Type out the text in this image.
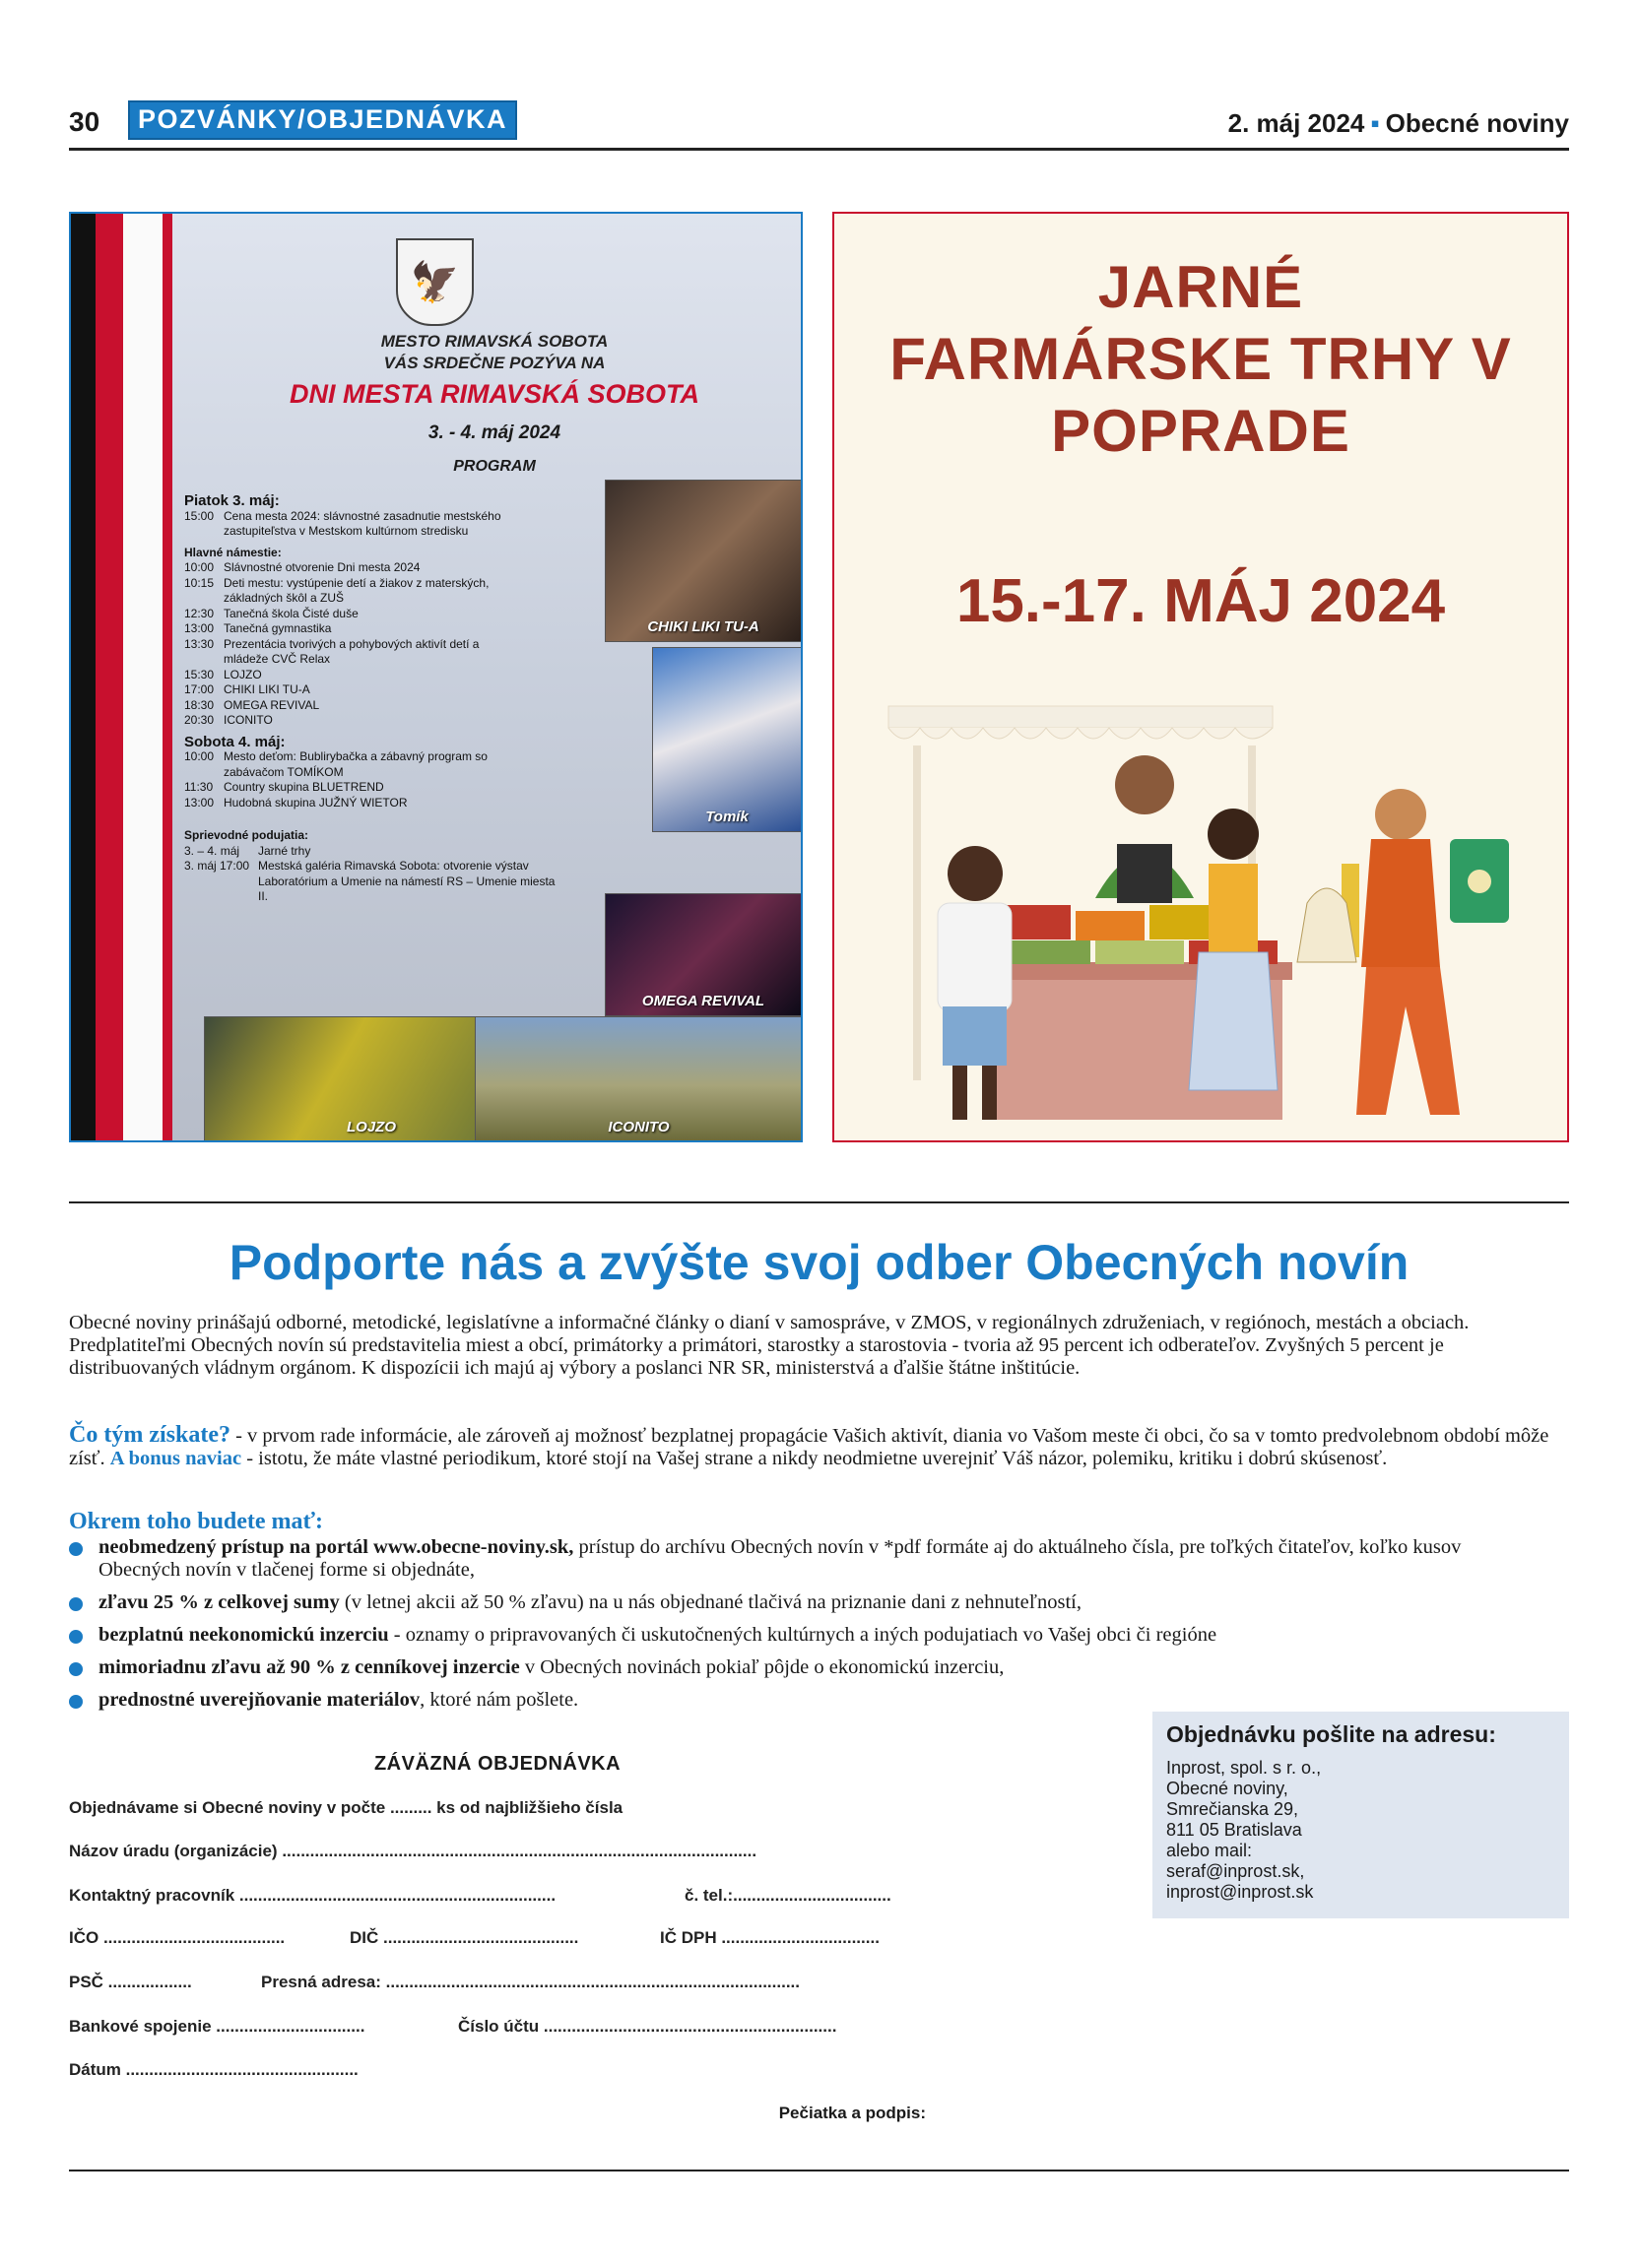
30	POZVÁNKY/OBJEDNÁVKA	2. máj 2024 ▪ Obecné noviny
🦅
MESTO RIMAVSKÁ SOBOTA
VÁS SRDEČNE POZÝVA NA
DNI MESTA RIMAVSKÁ SOBOTA
3. - 4. máj 2024
PROGRAM
Piatok 3. máj:
15:00 Cena mesta 2024: slávnostné zasadnutie mestského zastupiteľstva v Mestskom kultúrnom stredisku
Hlavné námestie:
10:00 Slávnostné otvorenie Dni mesta 2024
10:15 Deti mestu: vystúpenie detí a žiakov z materských, základných škôl a ZUŠ
12:30 Tanečná škola Čisté duše
13:00 Tanečná gymnastika
13:30 Prezentácia tvorivých a pohybových aktivít detí a mládeže CVČ Relax
15:30 LOJZO
17:00 CHIKI LIKI TU-A
18:30 OMEGA REVIVAL
20:30 ICONITO
Sobota 4. máj:
10:00 Mesto deťom: Bublirybačka a zábavný program so zabávačom TOMÍKOM
11:30 Country skupina BLUETREND
13:00 Hudobná skupina JUŽNÝ WIETOR
Sprievodné podujatia:
3. – 4. máj	Jarné trhy
3. máj 17:00 Mestská galéria Rimavská Sobota: otvorenie výstav Laboratórium a Umenie na námestí RS – Umenie miesta II.
CHIKI LIKI TU-A
Tomík
OMEGA REVIVAL
LOJZO	ICONITO
JARNÉ
FARMÁRSKE TRHY V
POPRADE
15.-17. MÁJ 2024
Podporte nás a zvýšte svoj odber Obecných novín
Obecné noviny prinášajú odborné, metodické, legislatívne a informačné články o dianí v samospráve, v ZMOS, v regionálnych združeniach, v regiónoch, mestách a obciach. Predplatiteľmi Obecných novín sú predstavitelia miest a obcí, primátorky a primátori, starostky a starostovia - tvoria až 95 percent ich odberateľov. Zvyšných 5 percent je distribuovaných vládnym orgánom. K dispozícii ich majú aj výbory a poslanci NR SR, ministerstvá a ďalšie štátne inštitúcie.
Čo tým získate? - v prvom rade informácie, ale zároveň aj možnosť bezplatnej propagácie Vašich aktivít, diania vo Vašom meste či obci, čo sa v tomto predvolebnom období môže zísť. A bonus naviac - istotu, že máte vlastné periodikum, ktoré stojí na Vašej strane a nikdy neodmietne uverejniť Váš názor, polemiku, kritiku i dobrú skúsenosť.
Okrem toho budete mať:
neobmedzený prístup na portál www.obecne-noviny.sk, prístup do archívu Obecných novín v *pdf formáte aj do aktuálneho čísla, pre toľkých čitateľov, koľko kusov Obecných novín v tlačenej forme si objednáte,
zľavu 25 % z celkovej sumy (v letnej akcii až 50 % zľavu) na u nás objednané tlačivá na priznanie dani z nehnuteľností,
bezplatnú neekonomickú inzerciu - oznamy o pripravovaných či uskutočnených kultúrnych a iných podujatiach vo Vašej obci či regióne
mimoriadnu zľavu až 90 % z cenníkovej inzercie v Obecných novinách pokiaľ pôjde o ekonomickú inzerciu,
prednostné uverejňovanie materiálov, ktoré nám pošlete.
ZÁVÄZNÁ OBJEDNÁVKA
Objednávame si Obecné noviny v počte ......... ks od najbližšieho čísla
Názov úradu (organizácie) ......................................................................................................
Kontaktný pracovník ....................................................................	č. tel.:..................................
IČO .......................................	DIČ ..........................................	IČ DPH ..................................
PSČ ..................	Presná adresa: .........................................................................................
Bankové spojenie ................................	Číslo účtu ...............................................................
Dátum ..................................................
Pečiatka a podpis:
Objednávku pošlite na adresu:
Inprost, spol. s r. o.,
Obecné noviny,
Smrečianska 29,
811 05 Bratislava
alebo mail:
seraf@inprost.sk,
inprost@inprost.sk
